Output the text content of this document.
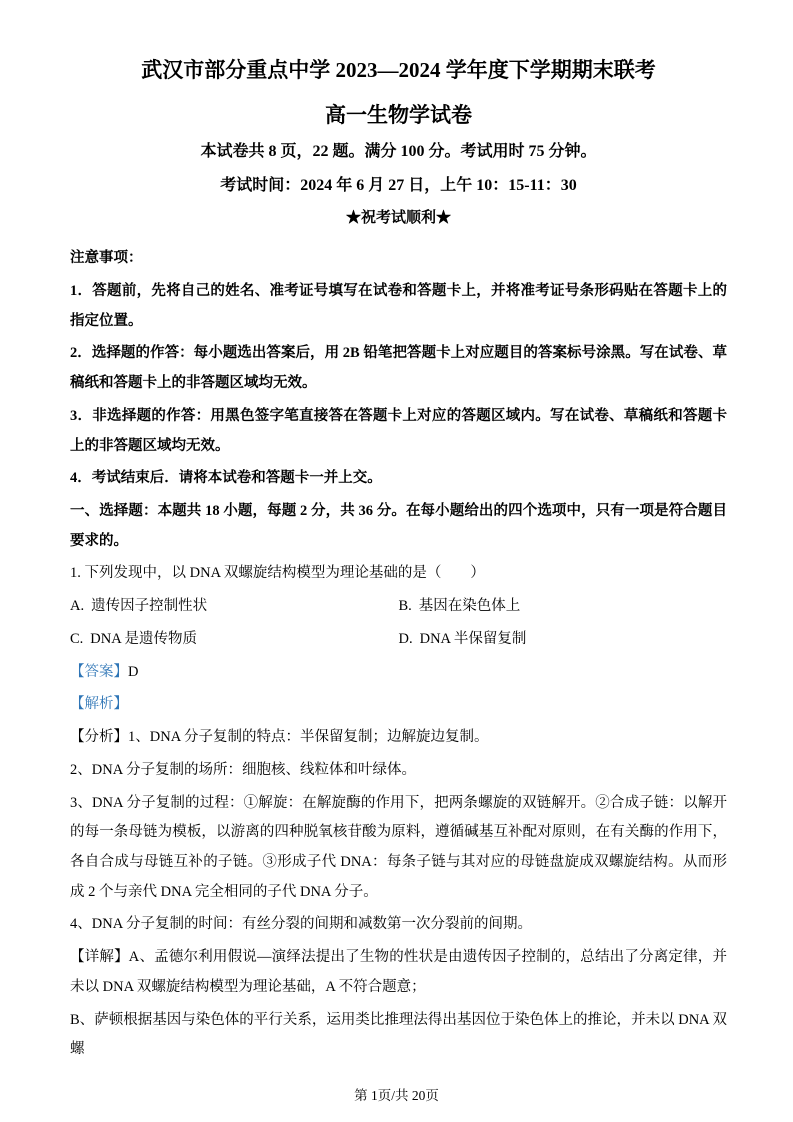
武汉市部分重点中学 2023—2024 学年度下学期期末联考
高一生物学试卷

本试卷共 8 页，22 题。满分 100 分。考试用时 75 分钟。

考试时间：2024 年 6 月 27 日，上午 10：15-11：30

★祝考试顺利★

注意事项：

1．答题前，先将自己的姓名、准考证号填写在试卷和答题卡上，并将准考证号条形码贴在答题卡上的指定位置。

2．选择题的作答：每小题选出答案后，用 2B 铅笔把答题卡上对应题目的答案标号涂黑。写在试卷、草稿纸和答题卡上的非答题区域均无效。

3．非选择题的作答：用黑色签字笔直接答在答题卡上对应的答题区域内。写在试卷、草稿纸和答题卡上的非答题区域均无效。

4．考试结束后．请将本试卷和答题卡一并上交。

一、选择题：本题共 18 小题，每题 2 分，共 36 分。在每小题给出的四个选项中，只有一项是符合题目要求的。

1. 下列发现中，以 DNA 双螺旋结构模型为理论基础的是（　　）

A. 遗传因子控制性状	B. 基因在染色体上
C. DNA 是遗传物质	D. DNA 半保留复制

【答案】D

【解析】

【分析】1、DNA 分子复制的特点：半保留复制；边解旋边复制。

2、DNA 分子复制的场所：细胞核、线粒体和叶绿体。

3、DNA 分子复制的过程：①解旋：在解旋酶的作用下，把两条螺旋的双链解开。②合成子链：以解开的每一条母链为模板，以游离的四种脱氧核苷酸为原料，遵循碱基互补配对原则，在有关酶的作用下，各自合成与母链互补的子链。③形成子代 DNA：每条子链与其对应的母链盘旋成双螺旋结构。从而形成 2 个与亲代 DNA 完全相同的子代 DNA 分子。

4、DNA 分子复制的时间：有丝分裂的间期和减数第一次分裂前的间期。

【详解】A、孟德尔利用假说—演绎法提出了生物的性状是由遗传因子控制的，总结出了分离定律，并未以 DNA 双螺旋结构模型为理论基础，A 不符合题意；

B、萨顿根据基因与染色体的平行关系，运用类比推理法得出基因位于染色体上的推论，并未以 DNA 双螺

第 1页/共 20页
